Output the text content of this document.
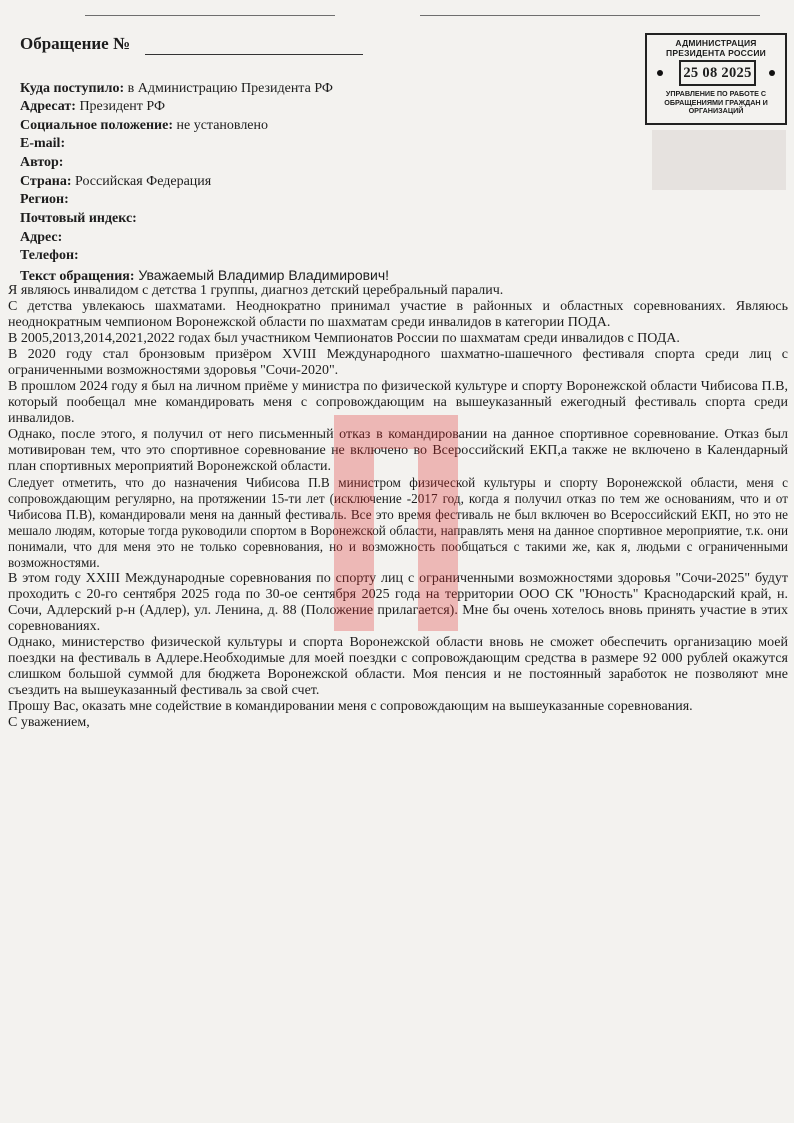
Обращение №	АДМИНИСТРАЦИЯ ПРЕЗИДЕНТА РОССИИ
25 08 2025
УПРАВЛЕНИЕ ПО РАБОТЕ С ОБРАЩЕНИЯМИ ГРАЖДАН И ОРГАНИЗАЦИЙ
Куда поступило: в Администрацию Президента РФ
Адресат: Президент РФ
Социальное положение: не установлено
E-mail:
Автор:
Страна: Российская Федерация
Регион:
Почтовый индекс:
Адрес:
Телефон:
Текст обращения: Уважаемый Владимир Владимирович!

Я являюсь инвалидом с детства 1 группы, диагноз детский церебральный паралич.

С детства увлекаюсь шахматами. Неоднократно принимал участие в районных и областных соревнованиях. Являюсь неоднократным чемпионом Воронежской области по шахматам среди инвалидов в категории ПОДА.

В 2005,2013,2014,2021,2022 годах был участником Чемпионатов России по шахматам среди инвалидов с ПОДА.

В 2020 году стал бронзовым призёром XVIII Международного шахматно-шашечного фестиваля спорта среди лиц с ограниченными возможностями здоровья "Сочи-2020".

В прошлом 2024 году я был на личном приёме у министра по физической культуре и спорту Воронежской области Чибисова П.В, который пообещал мне командировать меня с сопровождающим на вышеуказанный ежегодный фестиваль спорта среди инвалидов.

Однако, после этого, я получил от него письменный отказ в командировании на данное спортивное соревнование. Отказ был мотивирован тем, что это спортивное соревнование не включено во Всероссийский ЕКП,а также не включено в Календарный план спортивных мероприятий Воронежской области.

Следует отметить, что до назначения Чибисова П.В министром физической культуры и спорту Воронежской области, меня с сопровождающим регулярно, на протяжении 15-ти лет (исключение -2017 год, когда я получил отказ по тем же основаниям, что и от Чибисова П.В), командировали меня на данный фестиваль. Все это время фестиваль не был включен во Всероссийский ЕКП, но это не мешало людям, которые тогда руководили спортом в Воронежской области, направлять меня на данное спортивное мероприятие, т.к. они понимали, что для меня это не только соревнования, но и возможность пообщаться с такими же, как я, людьми с ограниченными возможностями.

В этом году XXIII Международные соревнования по спорту лиц с ограниченными возможностями здоровья "Сочи-2025" будут проходить с 20-го сентября 2025 года по 30-ое сентября 2025 года на территории ООО СК "Юность" Краснодарский край, н. Сочи, Адлерский р-н (Адлер), ул. Ленина, д. 88 (Положение прилагается). Мне бы очень хотелось вновь принять участие в этих соревнованиях.

Однако, министерство физической культуры и спорта Воронежской области вновь не сможет обеспечить организацию моей поездки на фестиваль в Адлере.Необходимые для моей поездки с сопровождающим средства в размере 92 000 рублей окажутся слишком большой суммой для бюджета Воронежской области. Моя пенсия и не постоянный заработок не позволяют мне съездить на вышеуказанный фестиваль за свой счет.

Прошу Вас, оказать мне содействие в командировании меня с сопровождающим на вышеуказанные соревнования.

С уважением,
